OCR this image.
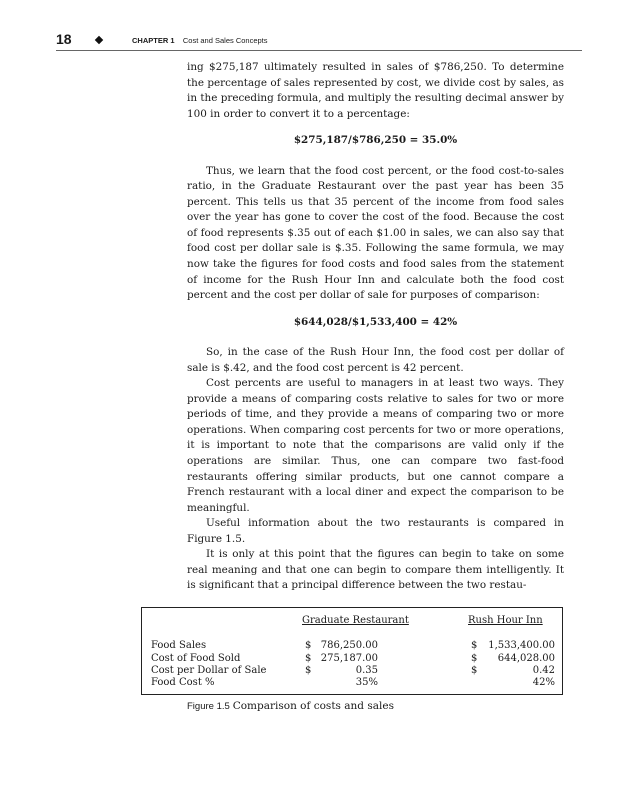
18	CHAPTER 1 Cost and Sales Concepts

ing $275,187 ultimately resulted in sales of $786,250. To determine the percentage of sales represented by cost, we divide cost by sales, as in the preceding formula, and multiply the resulting decimal answer by 100 in order to convert it to a percentage:

$275,187/$786,250 = 35.0%

Thus, we learn that the food cost percent, or the food cost-to-sales ratio, in the Graduate Restaurant over the past year has been 35 percent. This tells us that 35 percent of the income from food sales over the year has gone to cover the cost of the food. Because the cost of food represents $.35 out of each $1.00 in sales, we can also say that food cost per dollar sale is $.35. Following the same formula, we may now take the figures for food costs and food sales from the statement of income for the Rush Hour Inn and calculate both the food cost percent and the cost per dollar of sale for purposes of comparison:

$644,028/$1,533,400 = 42%

So, in the case of the Rush Hour Inn, the food cost per dollar of sale is $.42, and the food cost percent is 42 percent.

Cost percents are useful to managers in at least two ways. They provide a means of comparing costs relative to sales for two or more periods of time, and they provide a means of comparing two or more operations. When comparing cost percents for two or more operations, it is important to note that the comparisons are valid only if the operations are similar. Thus, one can compare two fast-food restaurants offering similar products, but one cannot compare a French restaurant with a local diner and expect the comparison to be meaningful.

Useful information about the two restaurants is compared in Figure 1.5.

It is only at this point that the figures can begin to take on some real meaning and that one can begin to compare them intelligently. It is significant that a principal difference between the two restau-

Graduate Restaurant	Rush Hour Inn
Food Sales	$ 786,250.00	$	1,533,400.00
Cost of Food Sold	$ 275,187.00	$	644,028.00
Cost per Dollar of Sale	$	0.35	$	0.42
Food Cost %	35%	42%
Figure 1.5 Comparison of costs and sales
